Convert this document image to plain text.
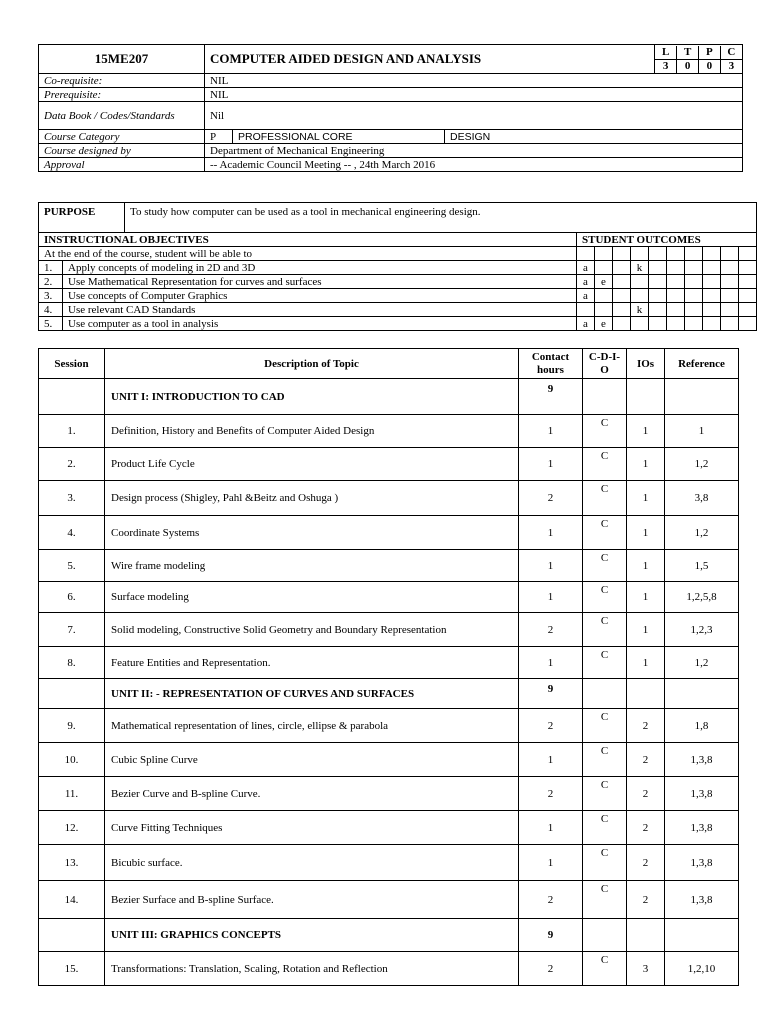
15ME207	COMPUTER AIDED DESIGN AND ANALYSIS		L	T	P	C
3	0	0	3

Co-requisite:	NIL
Prerequisite:	NIL
Data Book / Codes/Standards	Nil
Course Category	P	PROFESSIONAL CORE	DESIGN
Course designed by	Department of Mechanical Engineering
Approval	-- Academic Council Meeting -- , 24th March 2016
PURPOSE		To study how computer can be used as a tool in mechanical engineering design.										
INSTRUCTIONAL OBJECTIVES			STUDENT OUTCOMES									
At the end of the course, student will be able to												
1.	Apply concepts of modeling in 2D and 3D		a			k						
2.	Use Mathematical Representation for curves and surfaces		a	e								
3.	Use concepts of Computer Graphics		a									
4.	Use relevant CAD Standards					k						
5.	Use computer as a tool in analysis		a	e								
Session	Description of Topic	Contact hours	C-D-I-O	IOs	Reference
	UNIT I: INTRODUCTION TO CAD	9			

1.	Definition, History and Benefits of Computer Aided Design	1	C	1	1
2.	Product Life Cycle	1	C	1	1,2
3.	Design process (Shigley, Pahl &Beitz and Oshuga )	2	C	1	3,8
4.	Coordinate Systems	1	C	1	1,2
5.	Wire frame modeling	1	C	1	1,5
6.	Surface modeling	1	C	1	1,2,5,8
7.	Solid modeling, Constructive Solid Geometry and Boundary Representation	2	C	1	1,2,3
8.	Feature Entities and Representation.	1	C	1	1,2
	UNIT II: - REPRESENTATION OF CURVES AND SURFACES	9			

9.	Mathematical representation of lines, circle, ellipse & parabola	2	C	2	1,8
10.	Cubic Spline Curve	1	C	2	1,3,8
11.	Bezier Curve and B-spline Curve.	2	C	2	1,3,8
12.	Curve Fitting Techniques	1	C	2	1,3,8
13.	Bicubic surface.	1	C	2	1,3,8
14.	Bezier Surface and B-spline Surface.	2	C	2	1,3,8
	UNIT III: GRAPHICS CONCEPTS	9			
15.	Transformations: Translation, Scaling, Rotation and Reflection	2	C	3	1,2,10
